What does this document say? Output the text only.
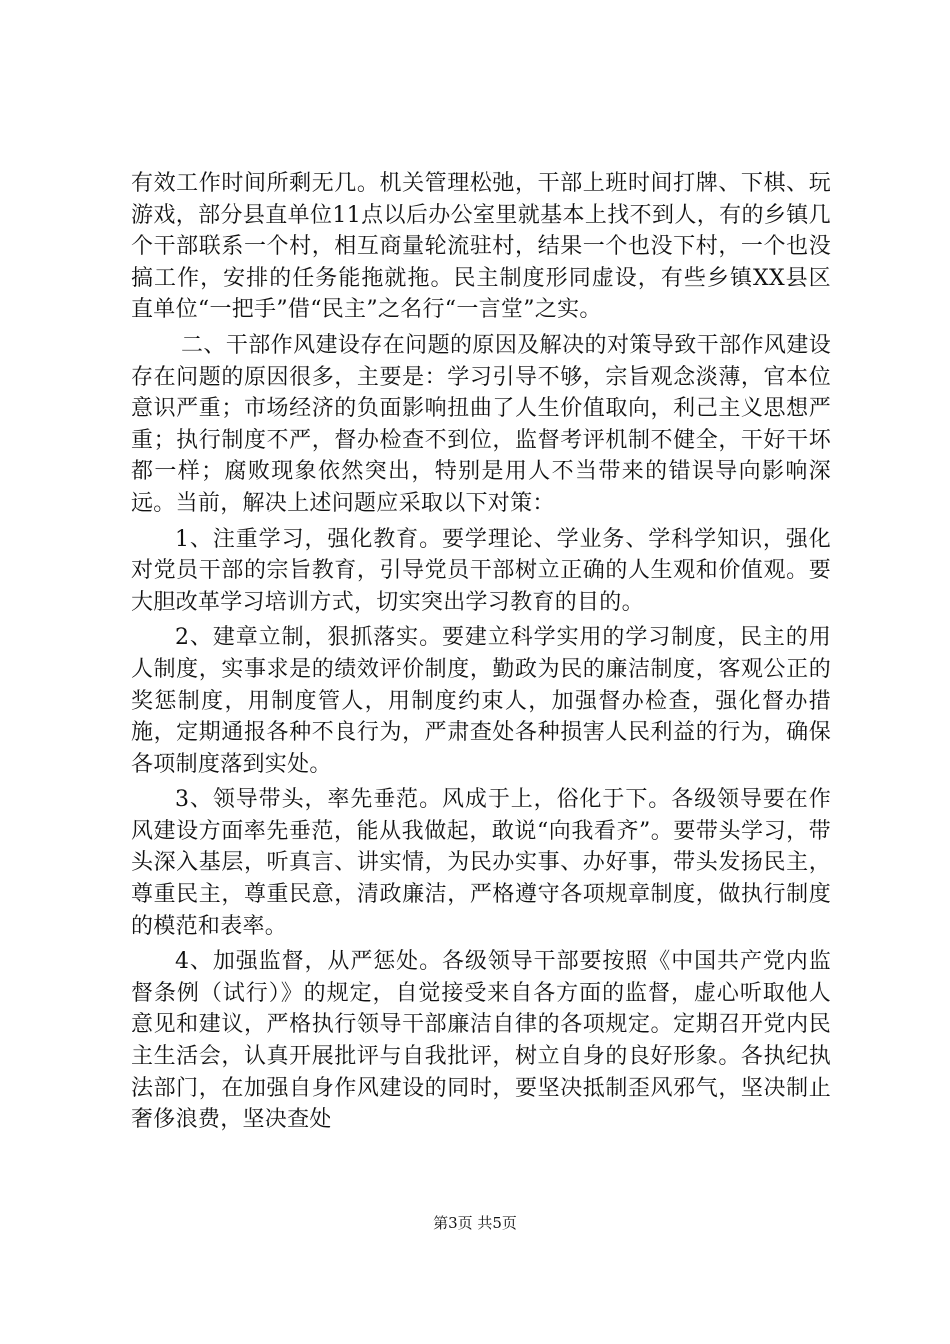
有效工作时间所剩无几。机关管理松弛，干部上班时间打牌、下棋、玩游戏，部分县直单位11点以后办公室里就基本上找不到人，有的乡镇几个干部联系一个村，相互商量轮流驻村，结果一个也没下村，一个也没搞工作，安排的任务能拖就拖。民主制度形同虚设，有些乡镇XX县区直单位“一把手”借“民主”之名行“一言堂”之实。

二、干部作风建设存在问题的原因及解决的对策导致干部作风建设存在问题的原因很多，主要是：学习引导不够，宗旨观念淡薄，官本位意识严重；市场经济的负面影响扭曲了人生价值取向，利己主义思想严重；执行制度不严，督办检查不到位，监督考评机制不健全，干好干坏都一样；腐败现象依然突出，特别是用人不当带来的错误导向影响深远。当前，解决上述问题应采取以下对策：

1、注重学习，强化教育。要学理论、学业务、学科学知识，强化对党员干部的宗旨教育，引导党员干部树立正确的人生观和价值观。要大胆改革学习培训方式，切实突出学习教育的目的。

2、建章立制，狠抓落实。要建立科学实用的学习制度，民主的用人制度，实事求是的绩效评价制度，勤政为民的廉洁制度，客观公正的奖惩制度，用制度管人，用制度约束人，加强督办检查，强化督办措施，定期通报各种不良行为，严肃查处各种损害人民利益的行为，确保各项制度落到实处。

3、领导带头，率先垂范。风成于上，俗化于下。各级领导要在作风建设方面率先垂范，能从我做起，敢说“向我看齐”。要带头学习，带头深入基层，听真言、讲实情，为民办实事、办好事，带头发扬民主，尊重民主，尊重民意，清政廉洁，严格遵守各项规章制度，做执行制度的模范和表率。

4、加强监督，从严惩处。各级领导干部要按照《中国共产党内监督条例（试行）》的规定，自觉接受来自各方面的监督，虚心听取他人意见和建议，严格执行领导干部廉洁自律的各项规定。定期召开党内民主生活会，认真开展批评与自我批评，树立自身的良好形象。各执纪执法部门，在加强自身作风建设的同时，要坚决抵制歪风邪气，坚决制止奢侈浪费，坚决查处

第3页 共5页
